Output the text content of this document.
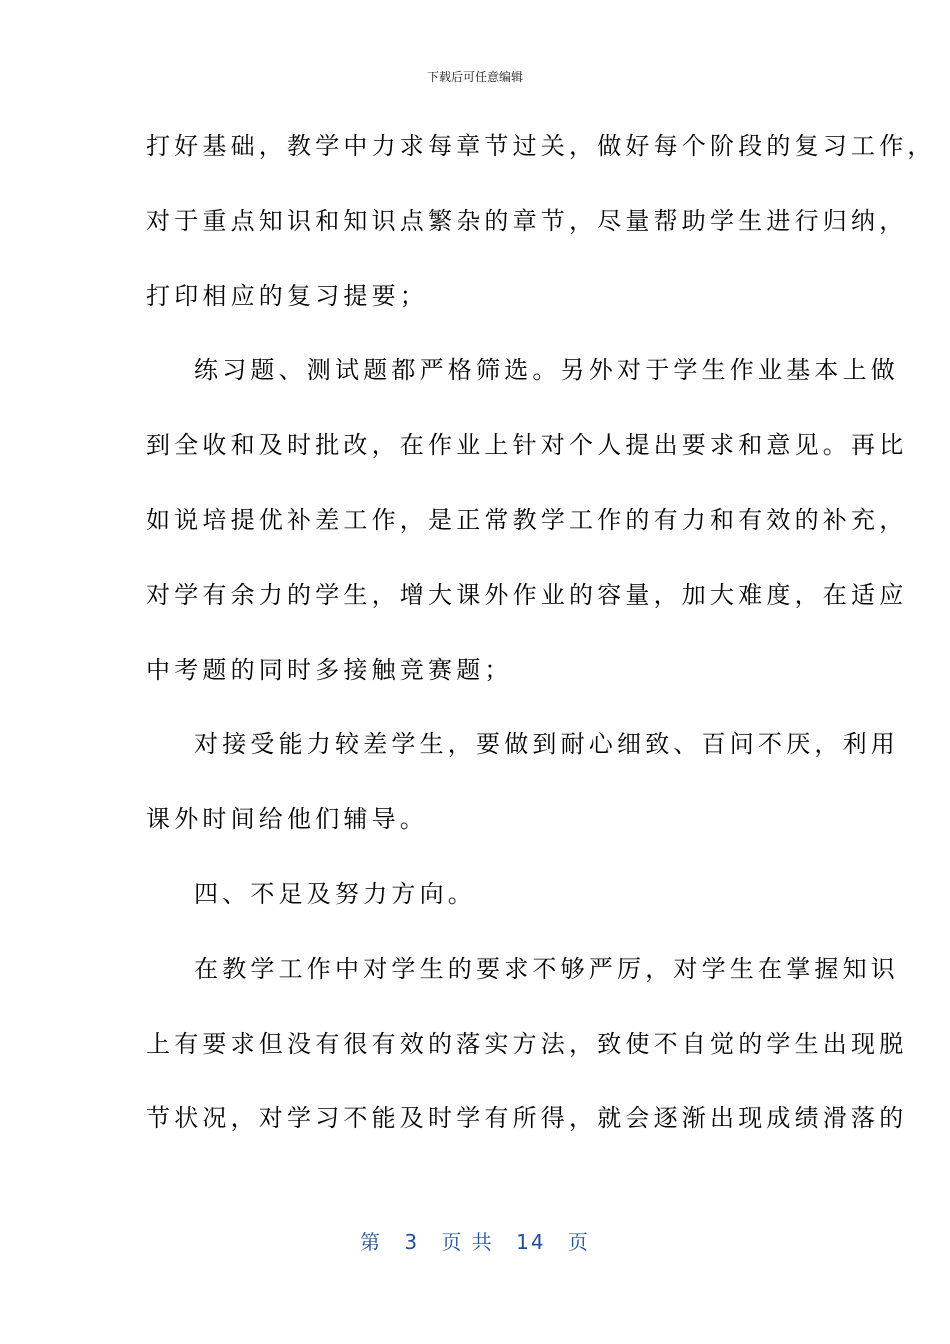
下载后可任意编辑
打好基础，教学中力求每章节过关，做好每个阶段的复习工作，
对于重点知识和知识点繁杂的章节，尽量帮助学生进行归纳，
打印相应的复习提要；
练习题、测试题都严格筛选。另外对于学生作业基本上做
到全收和及时批改，在作业上针对个人提出要求和意见。再比
如说培提优补差工作，是正常教学工作的有力和有效的补充，
对学有余力的学生，增大课外作业的容量，加大难度，在适应
中考题的同时多接触竞赛题；
对接受能力较差学生，要做到耐心细致、百问不厌，利用
课外时间给他们辅导。
四、不足及努力方向。
在教学工作中对学生的要求不够严厉，对学生在掌握知识
上有要求但没有很有效的落实方法，致使不自觉的学生出现脱
节状况，对学习不能及时学有所得，就会逐渐出现成绩滑落的
第 3 页 共 14 页
